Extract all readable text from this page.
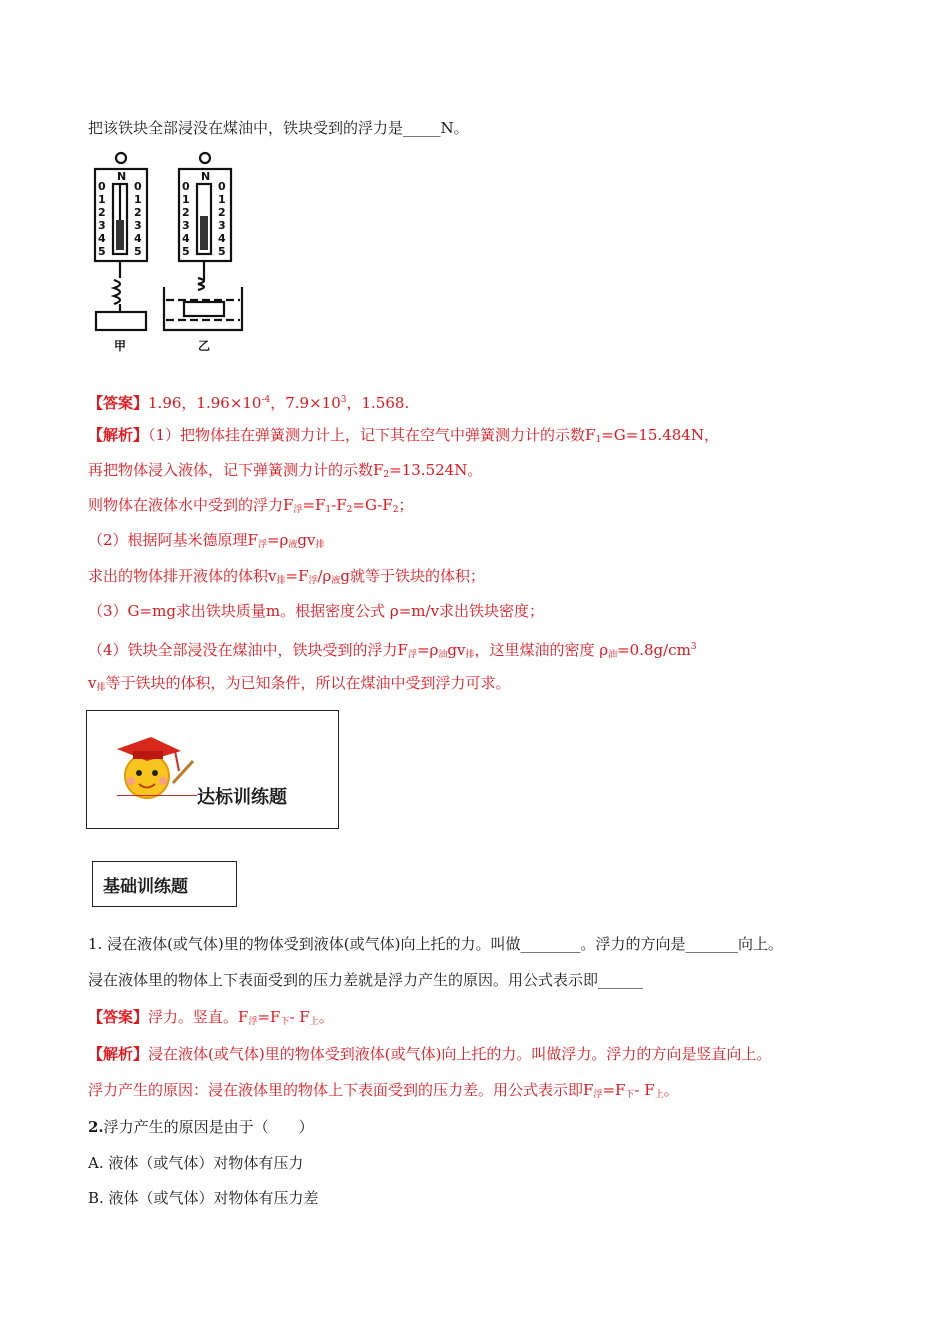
把该铁块全部浸没在煤油中，铁块受到的浮力是_____N。
N	N
0	0
1	1
2	2
3	3
4	4
5	5
0	0
1	1
2	2
3	3
4	4
5	5
甲	乙
【答案】1.96，$1.96\times 10^{-4}$，$7.9\times 10^3$，1.568.
【解析】（1）把物体挂在弹簧测力计上，记下其在空气中弹簧测力计的示数$F_1=G=15.484N$，
再把物体浸入液体，记下弹簧测力计的示数$F_2=13.524N$。
则物体在液体水中受到的浮力$F_浮=F_1-F_2=G-F_2$；
（2）根据阿基米德原理$F_浮=\rho_液gv_排$
求出的物体排开液体的体积$v_排=F_浮/\rho_液g$就等于铁块的体积；
（3）G=mg求出铁块质量m。根据密度公式 ρ=m/v求出铁块密度；
（4）铁块全部浸没在煤油中，铁块受到的浮力$F_浮=\rho_油gv_排$，这里煤油的密度 $\rho_油=0.8g/cm^3$
$v_排$等于铁块的体积，为已知条件，所以在煤油中受到浮力可求。
达标训练题
基础训练题
1. 浸在液体(或气体)里的物体受到液体(或气体)向上托的力。叫做________。浮力的方向是_______向上。
浸在液体里的物体上下表面受到的压力差就是浮力产生的原因。用公式表示即______
【答案】浮力。竖直。$F_浮=F_下-$ $F_上$。
【解析】浸在液体(或气体)里的物体受到液体(或气体)向上托的力。叫做浮力。浮力的方向是竖直向上。
浮力产生的原因：浸在液体里的物体上下表面受到的压力差。用公式表示即$F_浮=F_下-$ $F_上$。
2.浮力产生的原因是由于（　　）
A. 液体（或气体）对物体有压力
B. 液体（或气体）对物体有压力差
